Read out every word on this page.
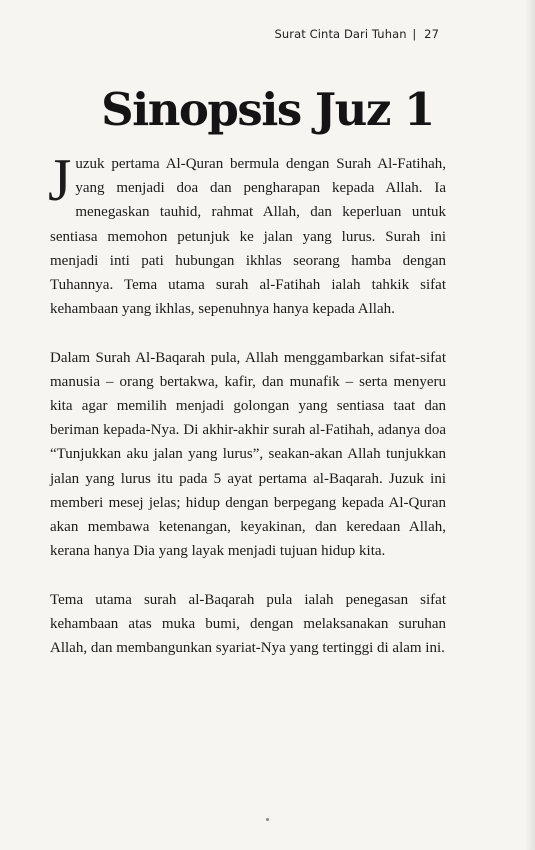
Surat Cinta Dari Tuhan | 27
Sinopsis Juz 1

Juzuk pertama Al-Quran bermula dengan Surah Al-Fatihah, yang menjadi doa dan pengharapan kepada Allah. Ia menegaskan tauhid, rahmat Allah, dan keperluan untuk sentiasa memohon petunjuk ke jalan yang lurus. Surah ini menjadi inti pati hubungan ikhlas seorang hamba dengan Tuhannya. Tema utama surah al-Fatihah ialah tahkik sifat kehambaan yang ikhlas, sepenuhnya hanya kepada Allah.

Dalam Surah Al-Baqarah pula, Allah menggambarkan sifat-sifat manusia – orang bertakwa, kafir, dan munafik – serta menyeru kita agar memilih menjadi golongan yang sentiasa taat dan beriman kepada-Nya. Di akhir-akhir surah al-Fatihah, adanya doa “Tunjukkan aku jalan yang lurus”, seakan-akan Allah tunjukkan jalan yang lurus itu pada 5 ayat pertama al-Baqarah. Juzuk ini memberi mesej jelas; hidup dengan berpegang kepada Al-Quran akan membawa ketenangan, keyakinan, dan keredaan Allah, kerana hanya Dia yang layak menjadi tujuan hidup kita.

Tema utama surah al-Baqarah pula ialah penegasan sifat kehambaan atas muka bumi, dengan melaksanakan suruhan Allah, dan membangunkan syariat-Nya yang tertinggi di alam ini.
